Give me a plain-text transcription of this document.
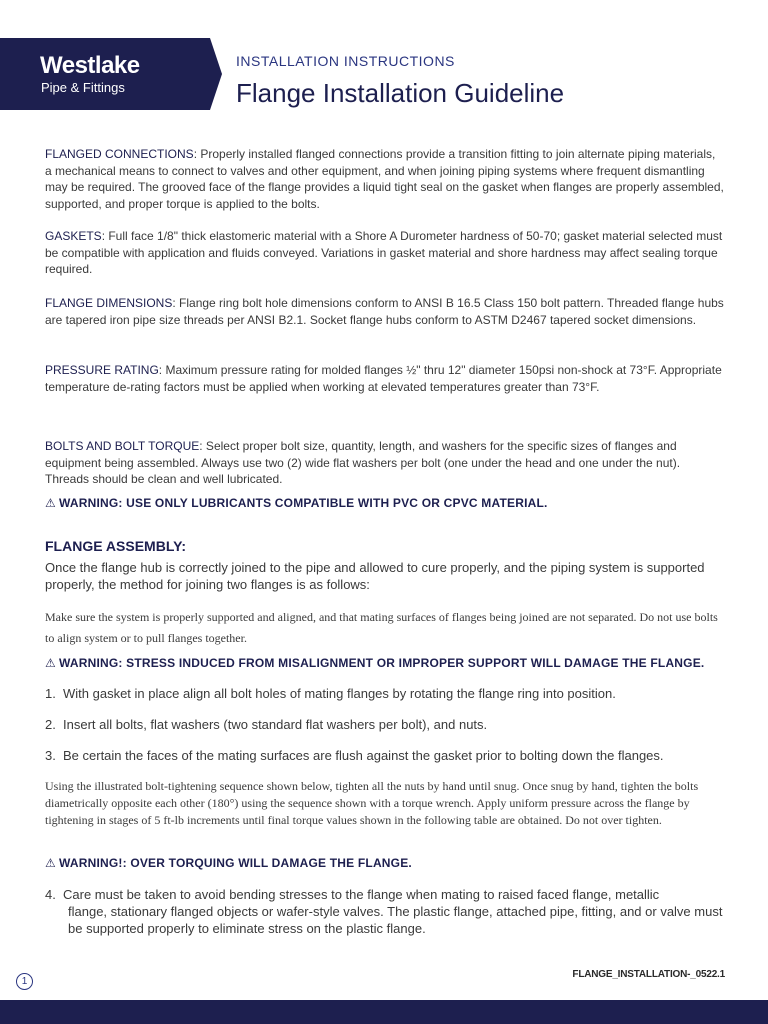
Westlake
Pipe & Fittings
INSTALLATION INSTRUCTIONS
Flange Installation Guideline
FLANGED CONNECTIONS: Properly installed flanged connections provide a transition fitting to join alternate piping materials, a mechanical means to connect to valves and other equipment, and when joining piping systems where frequent dismantling may be required. The grooved face of the flange provides a liquid tight seal on the gasket when flanges are properly assembled, supported, and proper torque is applied to the bolts.
GASKETS: Full face 1/8" thick elastomeric material with a Shore A Durometer hardness of 50-70; gasket material selected must be compatible with application and fluids conveyed. Variations in gasket material and shore hardness may affect sealing torque required.
FLANGE DIMENSIONS: Flange ring bolt hole dimensions conform to ANSI B 16.5 Class 150 bolt pattern. Threaded flange hubs are tapered iron pipe size threads per ANSI B2.1. Socket flange hubs conform to ASTM D2467 tapered socket dimensions.
PRESSURE RATING: Maximum pressure rating for molded flanges ½" thru 12" diameter 150psi non-shock at 73°F. Appropriate temperature de-rating factors must be applied when working at elevated temperatures greater than 73°F.
BOLTS AND BOLT TORQUE: Select proper bolt size, quantity, length, and washers for the specific sizes of flanges and equipment being assembled. Always use two (2) wide flat washers per bolt (one under the head and one under the nut). Threads should be clean and well lubricated.
⚠ WARNING: USE ONLY LUBRICANTS COMPATIBLE WITH PVC OR CPVC MATERIAL.
FLANGE ASSEMBLY:
Once the flange hub is correctly joined to the pipe and allowed to cure properly, and the piping system is supported properly, the method for joining two flanges is as follows:
Make sure the system is properly supported and aligned, and that mating surfaces of flanges being joined are not separated. Do not use bolts to align system or to pull flanges together.
⚠ WARNING: STRESS INDUCED FROM MISALIGNMENT OR IMPROPER SUPPORT WILL DAMAGE THE FLANGE.
1. With gasket in place align all bolt holes of mating flanges by rotating the flange ring into position.
2. Insert all bolts, flat washers (two standard flat washers per bolt), and nuts.
3. Be certain the faces of the mating surfaces are flush against the gasket prior to bolting down the flanges.
Using the illustrated bolt-tightening sequence shown below, tighten all the nuts by hand until snug. Once snug by hand, tighten the bolts diametrically opposite each other (180°) using the sequence shown with a torque wrench. Apply uniform pressure across the flange by tightening in stages of 5 ft-lb increments until final torque values shown in the following table are obtained. Do not over tighten.
⚠ WARNING!: OVER TORQUING WILL DAMAGE THE FLANGE.
4. Care must be taken to avoid bending stresses to the flange when mating to raised faced flange, metallic
flange, stationary flanged objects or wafer-style valves. The plastic flange, attached pipe, fitting, and or valve must be supported properly to eliminate stress on the plastic flange.
1
FLANGE_INSTALLATION-_0522.1
